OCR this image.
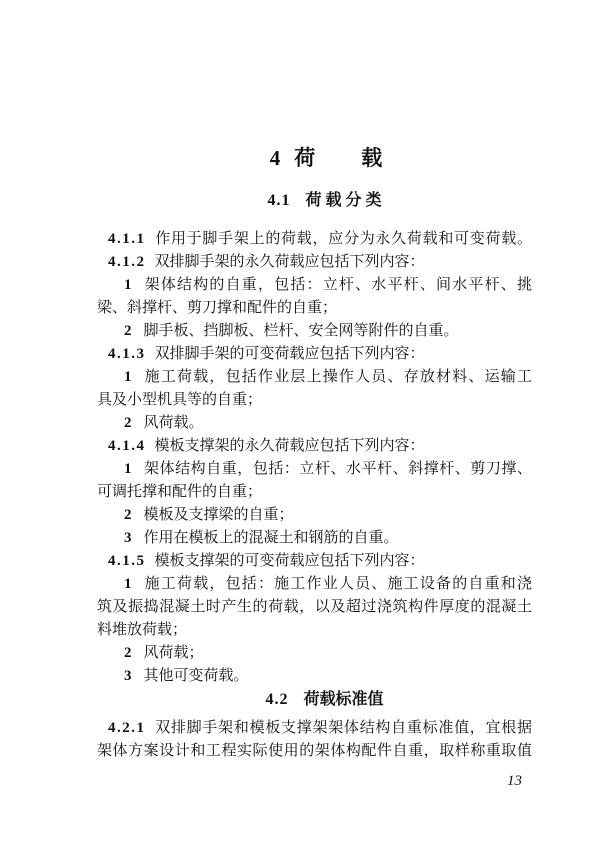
4 荷 载
4.1 荷 载 分 类
4.1.1 作用于脚手架上的荷载，应分为永久荷载和可变荷载。
4.1.2 双排脚手架的永久荷载应包括下列内容：
1 架体结构的自重，包括：立杆、水平杆、间水平杆、挑
梁、斜撑杆、剪刀撑和配件的自重；
2 脚手板、挡脚板、栏杆、安全网等附件的自重。
4.1.3 双排脚手架的可变荷载应包括下列内容：
1 施工荷载，包括作业层上操作人员、存放材料、运输工
具及小型机具等的自重；
2 风荷载。
4.1.4 模板支撑架的永久荷载应包括下列内容：
1 架体结构自重，包括：立杆、水平杆、斜撑杆、剪刀撑、
可调托撑和配件的自重；
2 模板及支撑梁的自重；
3 作用在模板上的混凝土和钢筋的自重。
4.1.5 模板支撑架的可变荷载应包括下列内容：
1 施工荷载，包括：施工作业人员、施工设备的自重和浇
筑及振捣混凝土时产生的荷载，以及超过浇筑构件厚度的混凝土
料堆放荷载；
2 风荷载；
3 其他可变荷载。
4.2 荷载标准值
4.2.1 双排脚手架和模板支撑架架体结构自重标准值，宜根据
架体方案设计和工程实际使用的架体构配件自重，取样称重取值
13
